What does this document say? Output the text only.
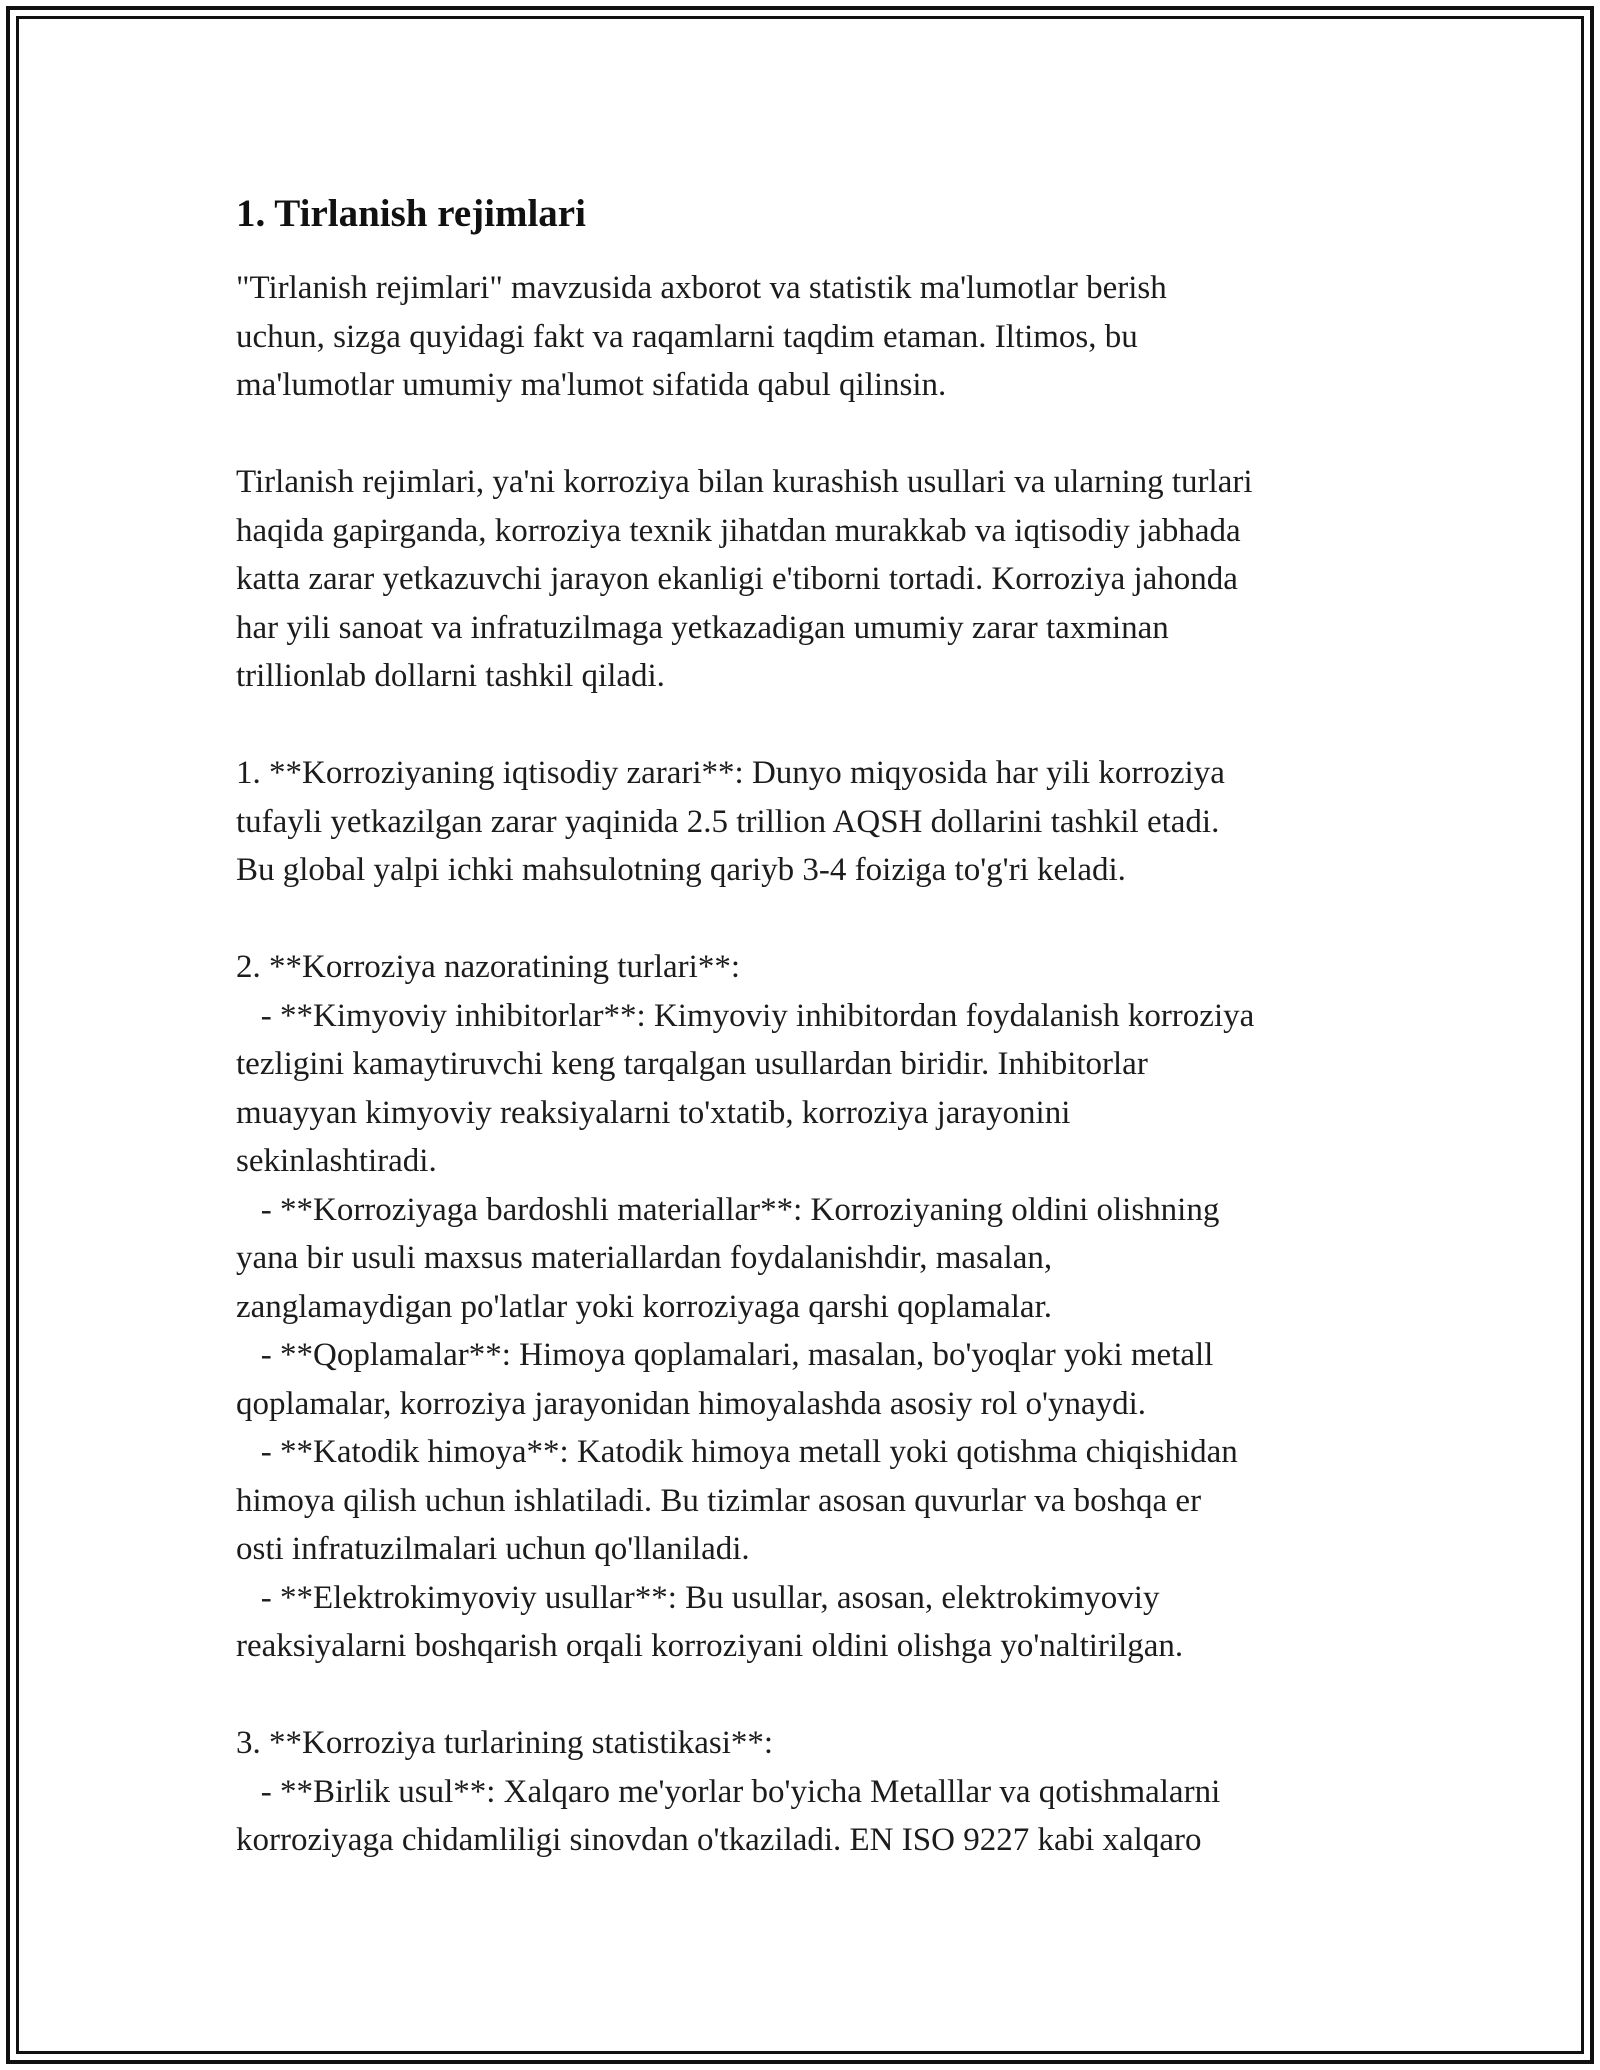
1. Tirlanish rejimlari

"Tirlanish rejimlari" mavzusida axborot va statistik ma'lumotlar berish
uchun, sizga quyidagi fakt va raqamlarni taqdim etaman. Iltimos, bu
ma'lumotlar umumiy ma'lumot sifatida qabul qilinsin.

Tirlanish rejimlari, ya'ni korroziya bilan kurashish usullari va ularning turlari
haqida gapirganda, korroziya texnik jihatdan murakkab va iqtisodiy jabhada
katta zarar yetkazuvchi jarayon ekanligi e'tiborni tortadi. Korroziya jahonda
har yili sanoat va infratuzilmaga yetkazadigan umumiy zarar taxminan
trillionlab dollarni tashkil qiladi.

1. **Korroziyaning iqtisodiy zarari**: Dunyo miqyosida har yili korroziya
tufayli yetkazilgan zarar yaqinida 2.5 trillion AQSH dollarini tashkil etadi.
Bu global yalpi ichki mahsulotning qariyb 3-4 foiziga to'g'ri keladi.

2. **Korroziya nazoratining turlari**:
- **Kimyoviy inhibitorlar**: Kimyoviy inhibitordan foydalanish korroziya
tezligini kamaytiruvchi keng tarqalgan usullardan biridir. Inhibitorlar
muayyan kimyoviy reaksiyalarni to'xtatib, korroziya jarayonini
sekinlashtiradi.
- **Korroziyaga bardoshli materiallar**: Korroziyaning oldini olishning
yana bir usuli maxsus materiallardan foydalanishdir, masalan,
zanglamaydigan po'latlar yoki korroziyaga qarshi qoplamalar.
- **Qoplamalar**: Himoya qoplamalari, masalan, bo'yoqlar yoki metall
qoplamalar, korroziya jarayonidan himoyalashda asosiy rol o'ynaydi.
- **Katodik himoya**: Katodik himoya metall yoki qotishma chiqishidan
himoya qilish uchun ishlatiladi. Bu tizimlar asosan quvurlar va boshqa er
osti infratuzilmalari uchun qo'llaniladi.
- **Elektrokimyoviy usullar**: Bu usullar, asosan, elektrokimyoviy
reaksiyalarni boshqarish orqali korroziyani oldini olishga yo'naltirilgan.

3. **Korroziya turlarining statistikasi**:
- **Birlik usul**: Xalqaro me'yorlar bo'yicha Metalllar va qotishmalarni
korroziyaga chidamliligi sinovdan o'tkaziladi. EN ISO 9227 kabi xalqaro
